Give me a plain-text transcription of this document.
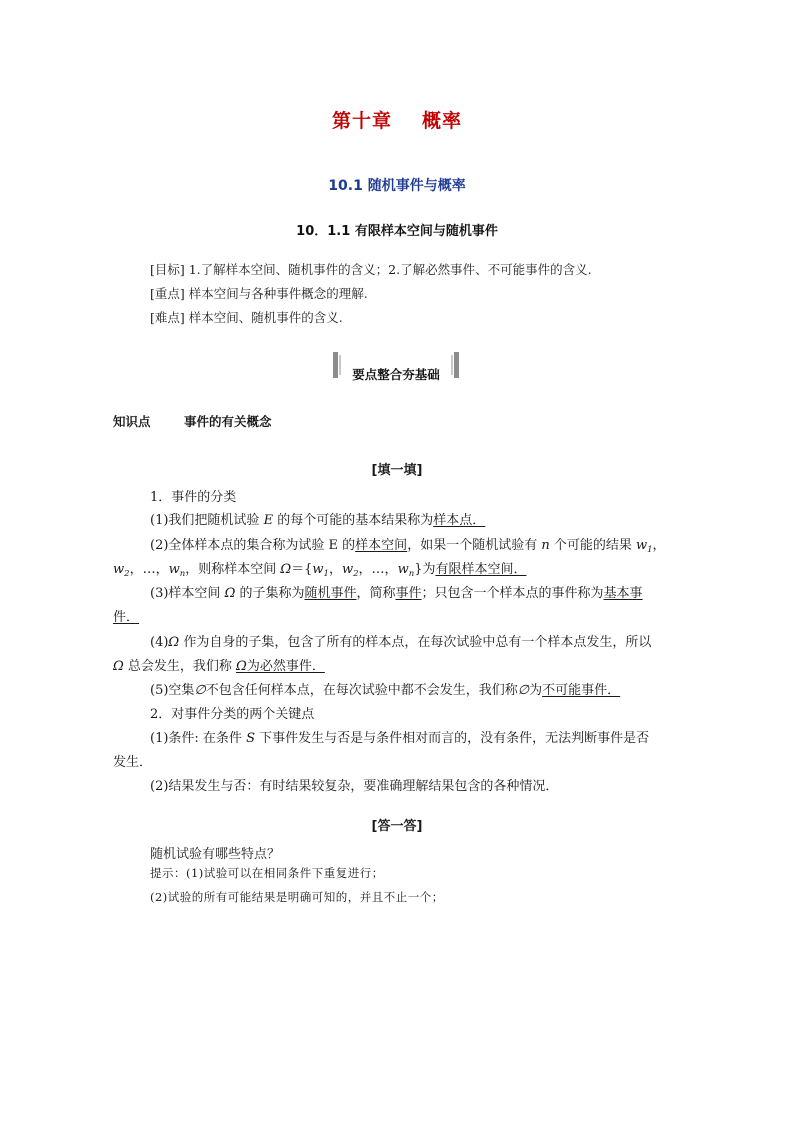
第十章 概率
10.1 随机事件与概率
10．1.1 有限样本空间与随机事件
[目标] 1.了解样本空间、随机事件的含义；2.了解必然事件、不可能事件的含义.
[重点] 样本空间与各种事件概念的理解.
[难点] 样本空间、随机事件的含义.
要点整合夯基础
知识点	事件的有关概念
[填一填]
1．事件的分类
(1)我们把随机试验 E 的每个可能的基本结果称为样本点．
(2)全体样本点的集合称为试验 E 的样本空间，如果一个随机试验有 n 个可能的结果 $w_1$，
$w_2$，…，$w_n$，则称样本空间 $\Omega=\{w_1$，$w_2$，…，$w_n$}为有限样本空间．
(3)样本空间 Ω 的子集称为随机事件，简称事件；只包含一个样本点的事件称为基本事
件．
(4)Ω 作为自身的子集，包含了所有的样本点，在每次试验中总有一个样本点发生，所以
Ω 总会发生，我们称 Ω为必然事件．
(5)空集∅不包含任何样本点，在每次试验中都不会发生，我们称∅为不可能事件．
2．对事件分类的两个关键点
(1)条件: 在条件 S 下事件发生与否是与条件相对而言的，没有条件，无法判断事件是否
发生．
(2)结果发生与否：有时结果较复杂，要准确理解结果包含的各种情况．
[答一答]
随机试验有哪些特点？
提示：(1)试验可以在相同条件下重复进行；
(2)试验的所有可能结果是明确可知的，并且不止一个；
